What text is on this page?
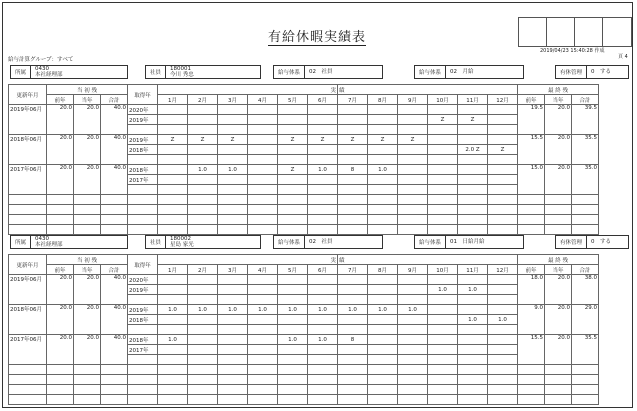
有給休暇実績表
2019/04/23 15:40:28 作成
頁 4
給与計算グループ：すべて
所属
0430
本社経理部	社員
180001
今川 秀忠	給与体系	02　社員	給与体系	02　月給	有休管理	0　する
更新年月	当 初 残			取得年	実						績						最 終 残		
	前年	当年	合計		1月	2月	3月	4月	5月	6月	7月	8月	9月	10月	11月	12月	前年	当年	合計
2019年06月	20.0	20.0	40.0	2020年													19.5	20.0	39.5
				2019年										Z	Z				

2018年06月	20.0	20.0	40.0	2019年	Z	Z	Z		Z	Z	Z	Z	Z				15.5	20.0	35.5
				2018年											2.0 Z	Z			

2017年06月	20.0	20.0	40.0	2018年		1.0	1.0		Z	1.0	8	1.0					15.0	20.0	35.0
				2017年															

所属
0430
本社経理部	社員
180002
星島 家光	給与体系	02　社員	給与体系	01　日給月給	有休管理	0　する
更新年月	当 初 残			取得年	実						績						最 終 残		
	前年	当年	合計		1月	2月	3月	4月	5月	6月	7月	8月	9月	10月	11月	12月	前年	当年	合計
2019年06月	20.0	20.0	40.0	2020年													18.0	20.0	38.0
				2019年										1.0	1.0				

2018年06月	20.0	20.0	40.0	2019年	1.0	1.0	1.0	1.0	1.0	1.0	1.0	1.0	1.0				9.0	20.0	29.0
				2018年											1.0	1.0			

2017年06月	20.0	20.0	40.0	2018年	1.0				1.0	1.0	8						15.5	20.0	35.5
				2017年															
